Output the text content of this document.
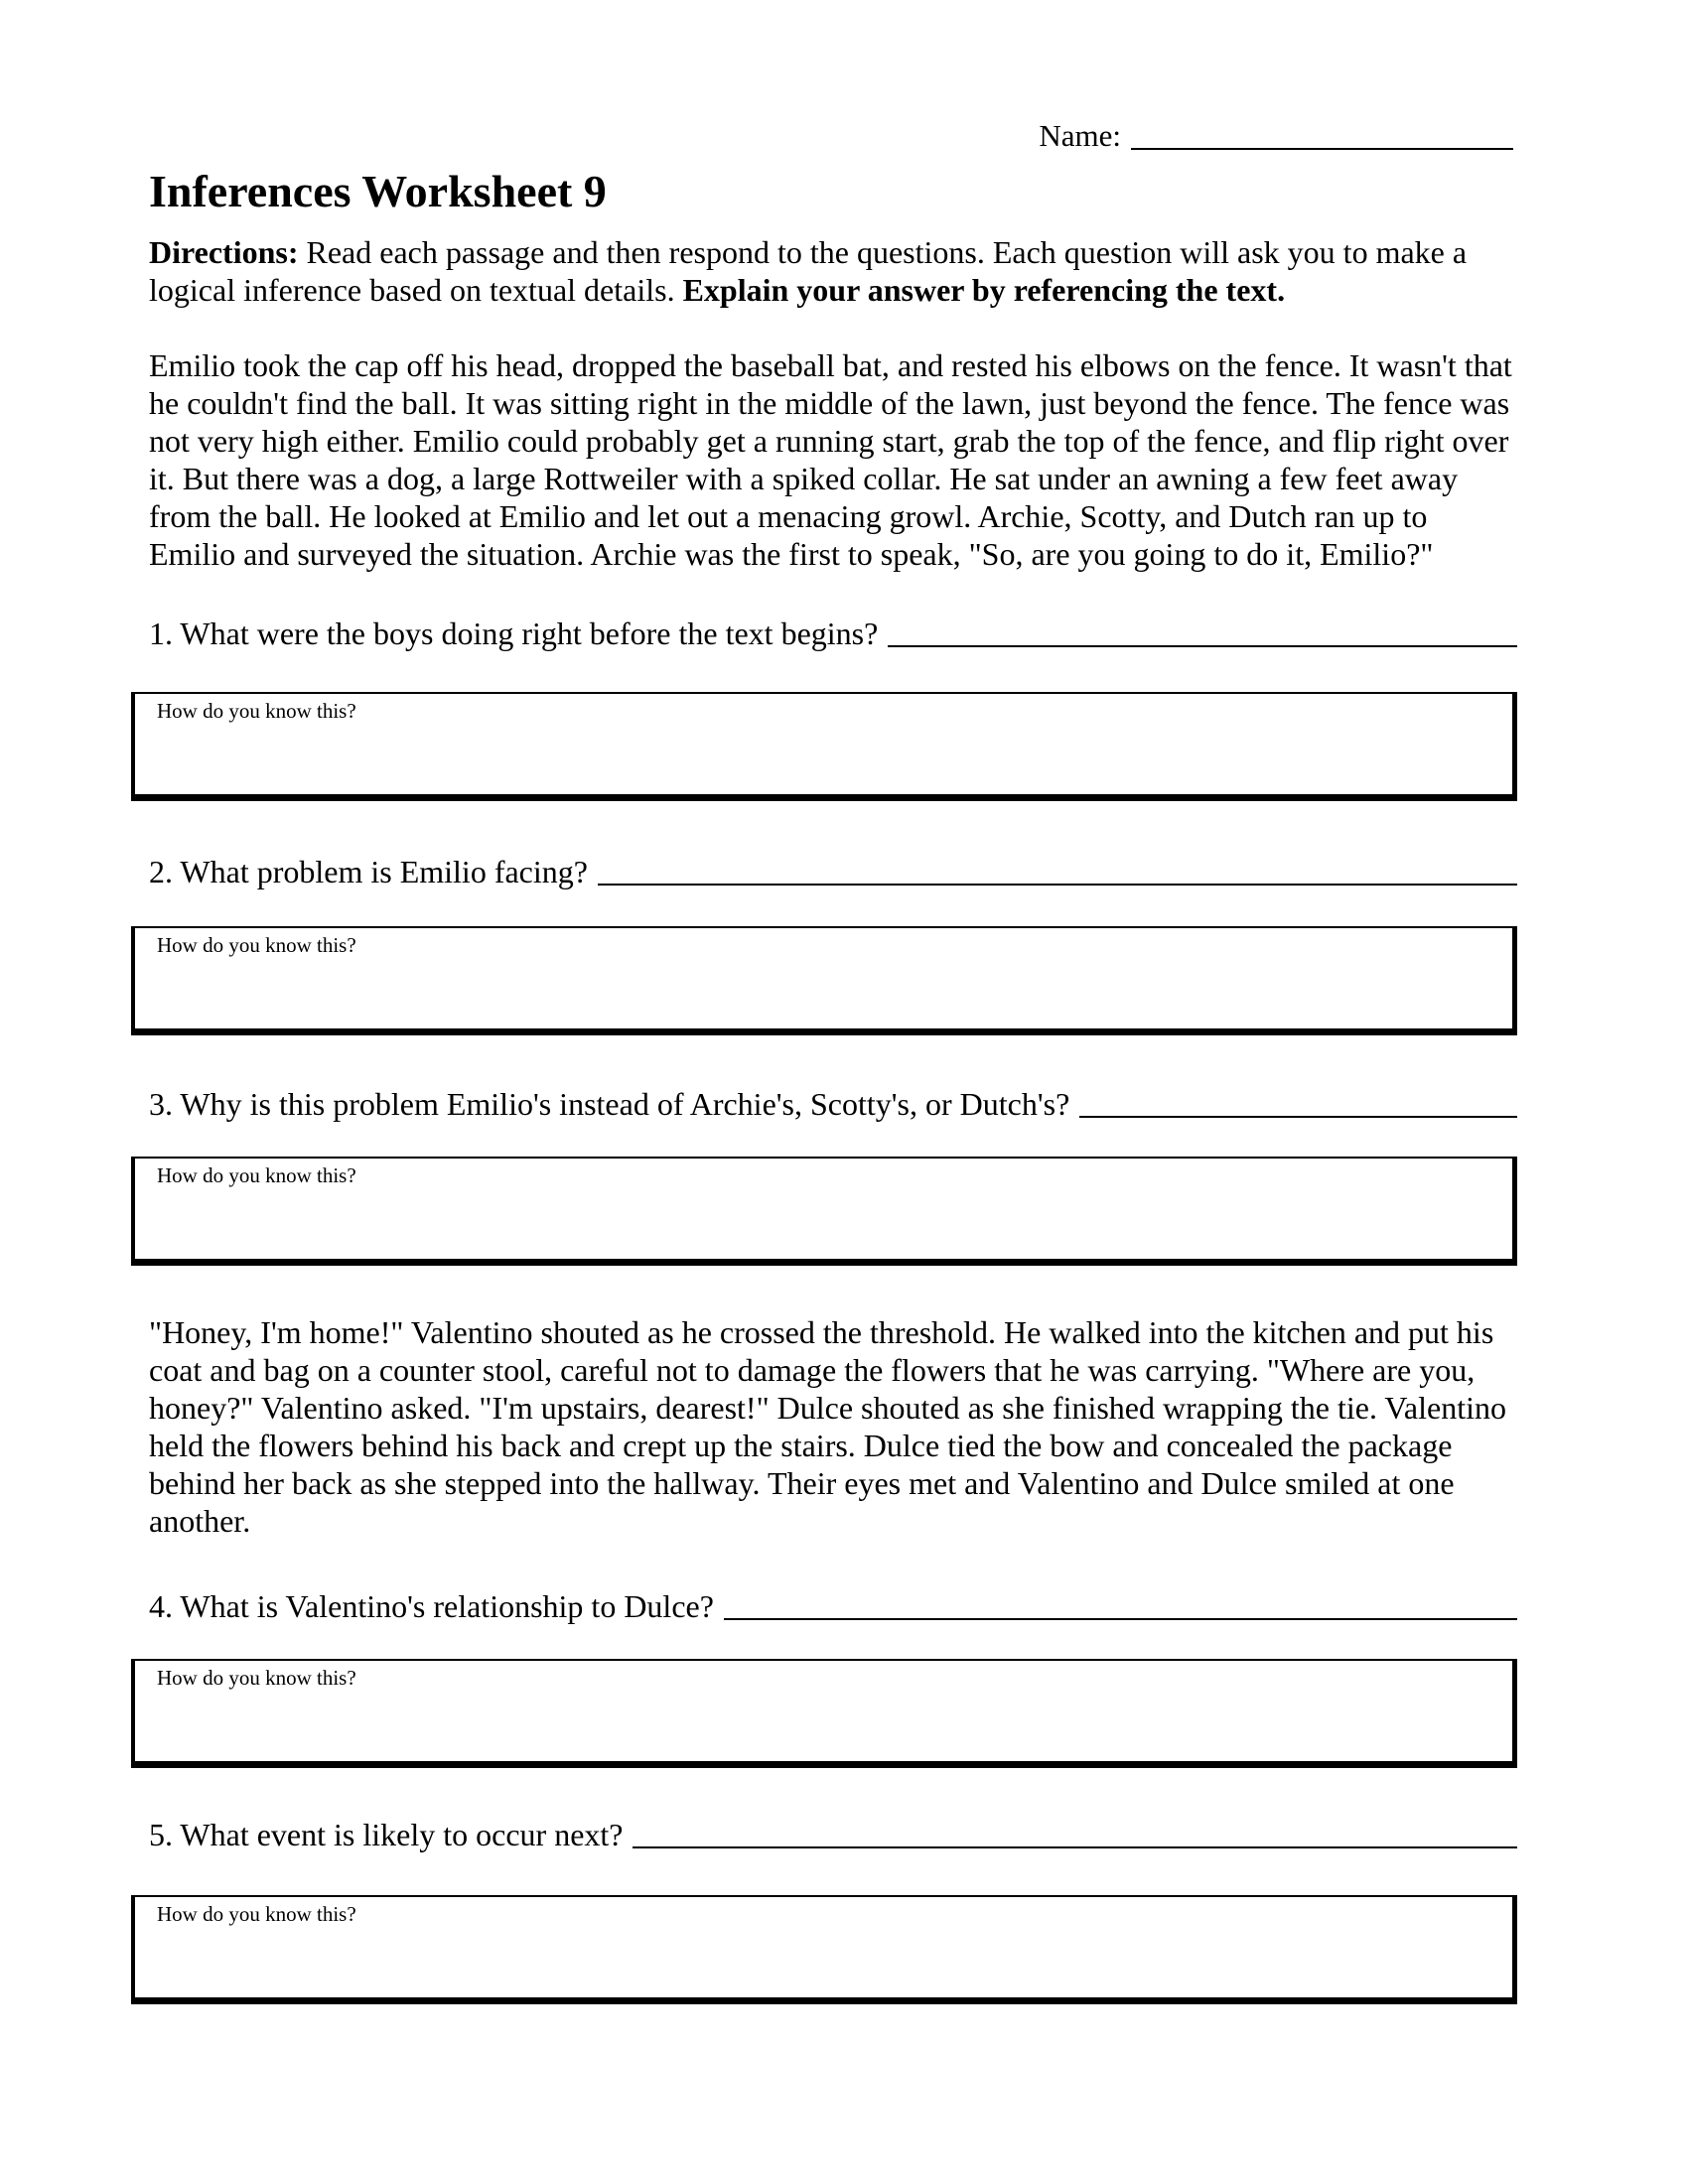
Name:
Inferences Worksheet 9

Directions: Read each passage and then respond to the questions. Each question will ask you to make a logical inference based on textual details. Explain your answer by referencing the text.

Emilio took the cap off his head, dropped the baseball bat, and rested his elbows on the fence. It wasn't that he couldn't find the ball. It was sitting right in the middle of the lawn, just beyond the fence. The fence was not very high either. Emilio could probably get a running start, grab the top of the fence, and flip right over it. But there was a dog, a large Rottweiler with a spiked collar. He sat under an awning a few feet away from the ball. He looked at Emilio and let out a menacing growl. Archie, Scotty, and Dutch ran up to Emilio and surveyed the situation. Archie was the first to speak, "So, are you going to do it, Emilio?"

1. What were the boys doing right before the text begins?
How do you know this?
2. What problem is Emilio facing?
How do you know this?
3. Why is this problem Emilio's instead of Archie's, Scotty's, or Dutch's?
How do you know this?

"Honey, I'm home!" Valentino shouted as he crossed the threshold. He walked into the kitchen and put his coat and bag on a counter stool, careful not to damage the flowers that he was carrying. "Where are you, honey?" Valentino asked. "I'm upstairs, dearest!" Dulce shouted as she finished wrapping the tie. Valentino held the flowers behind his back and crept up the stairs. Dulce tied the bow and concealed the package behind her back as she stepped into the hallway. Their eyes met and Valentino and Dulce smiled at one another.

4. What is Valentino's relationship to Dulce?
How do you know this?
5. What event is likely to occur next?
How do you know this?
